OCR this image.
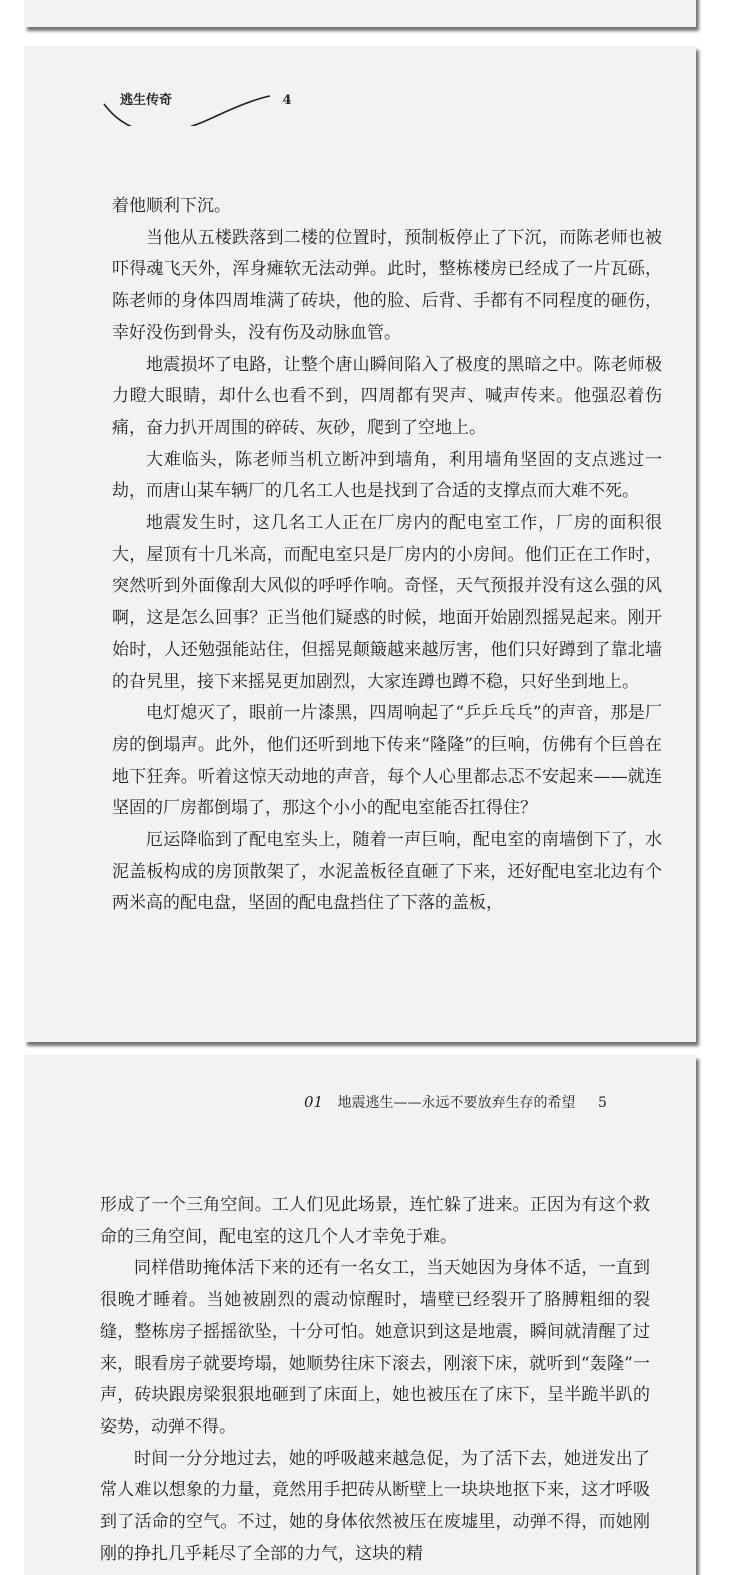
逃生传奇	4

着他顺利下沉。

当他从五楼跌落到二楼的位置时，预制板停止了下沉，而陈老师也被吓得魂飞天外，浑身瘫软无法动弹。此时，整栋楼房已经成了一片瓦砾，陈老师的身体四周堆满了砖块，他的脸、后背、手都有不同程度的砸伤，幸好没伤到骨头，没有伤及动脉血管。

地震损坏了电路，让整个唐山瞬间陷入了极度的黑暗之中。陈老师极力瞪大眼睛，却什么也看不到，四周都有哭声、喊声传来。他强忍着伤痛，奋力扒开周围的碎砖、灰砂，爬到了空地上。

大难临头，陈老师当机立断冲到墙角，利用墙角坚固的支点逃过一劫，而唐山某车辆厂的几名工人也是找到了合适的支撑点而大难不死。

地震发生时，这几名工人正在厂房内的配电室工作，厂房的面积很大，屋顶有十几米高，而配电室只是厂房内的小房间。他们正在工作时，突然听到外面像刮大风似的呼呼作响。奇怪，天气预报并没有这么强的风啊，这是怎么回事？正当他们疑惑的时候，地面开始剧烈摇晃起来。刚开始时，人还勉强能站住，但摇晃颠簸越来越厉害，他们只好蹲到了靠北墙的旮旯里，接下来摇晃更加剧烈，大家连蹲也蹲不稳，只好坐到地上。

电灯熄灭了，眼前一片漆黑，四周响起了“乒乒乓乓”的声音，那是厂房的倒塌声。此外，他们还听到地下传来“隆隆”的巨响，仿佛有个巨兽在地下狂奔。听着这惊天动地的声音，每个人心里都忐忑不安起来——就连坚固的厂房都倒塌了，那这个小小的配电室能否扛得住？

厄运降临到了配电室头上，随着一声巨响，配电室的南墙倒下了，水泥盖板构成的房顶散架了，水泥盖板径直砸了下来，还好配电室北边有个两米高的配电盘，坚固的配电盘挡住了下落的盖板，

01 地震逃生——永远不要放弃生存的希望 5

形成了一个三角空间。工人们见此场景，连忙躲了进来。正因为有这个救命的三角空间，配电室的这几个人才幸免于难。

同样借助掩体活下来的还有一名女工，当天她因为身体不适，一直到很晚才睡着。当她被剧烈的震动惊醒时，墙壁已经裂开了胳膊粗细的裂缝，整栋房子摇摇欲坠，十分可怕。她意识到这是地震，瞬间就清醒了过来，眼看房子就要垮塌，她顺势往床下滚去，刚滚下床，就听到“轰隆”一声，砖块跟房梁狠狠地砸到了床面上，她也被压在了床下，呈半跪半趴的姿势，动弹不得。

时间一分分地过去，她的呼吸越来越急促，为了活下去，她迸发出了常人难以想象的力量，竟然用手把砖从断壁上一块块地抠下来，这才呼吸到了活命的空气。不过，她的身体依然被压在废墟里，动弹不得，而她刚刚的挣扎几乎耗尽了全部的力气，这块的精
